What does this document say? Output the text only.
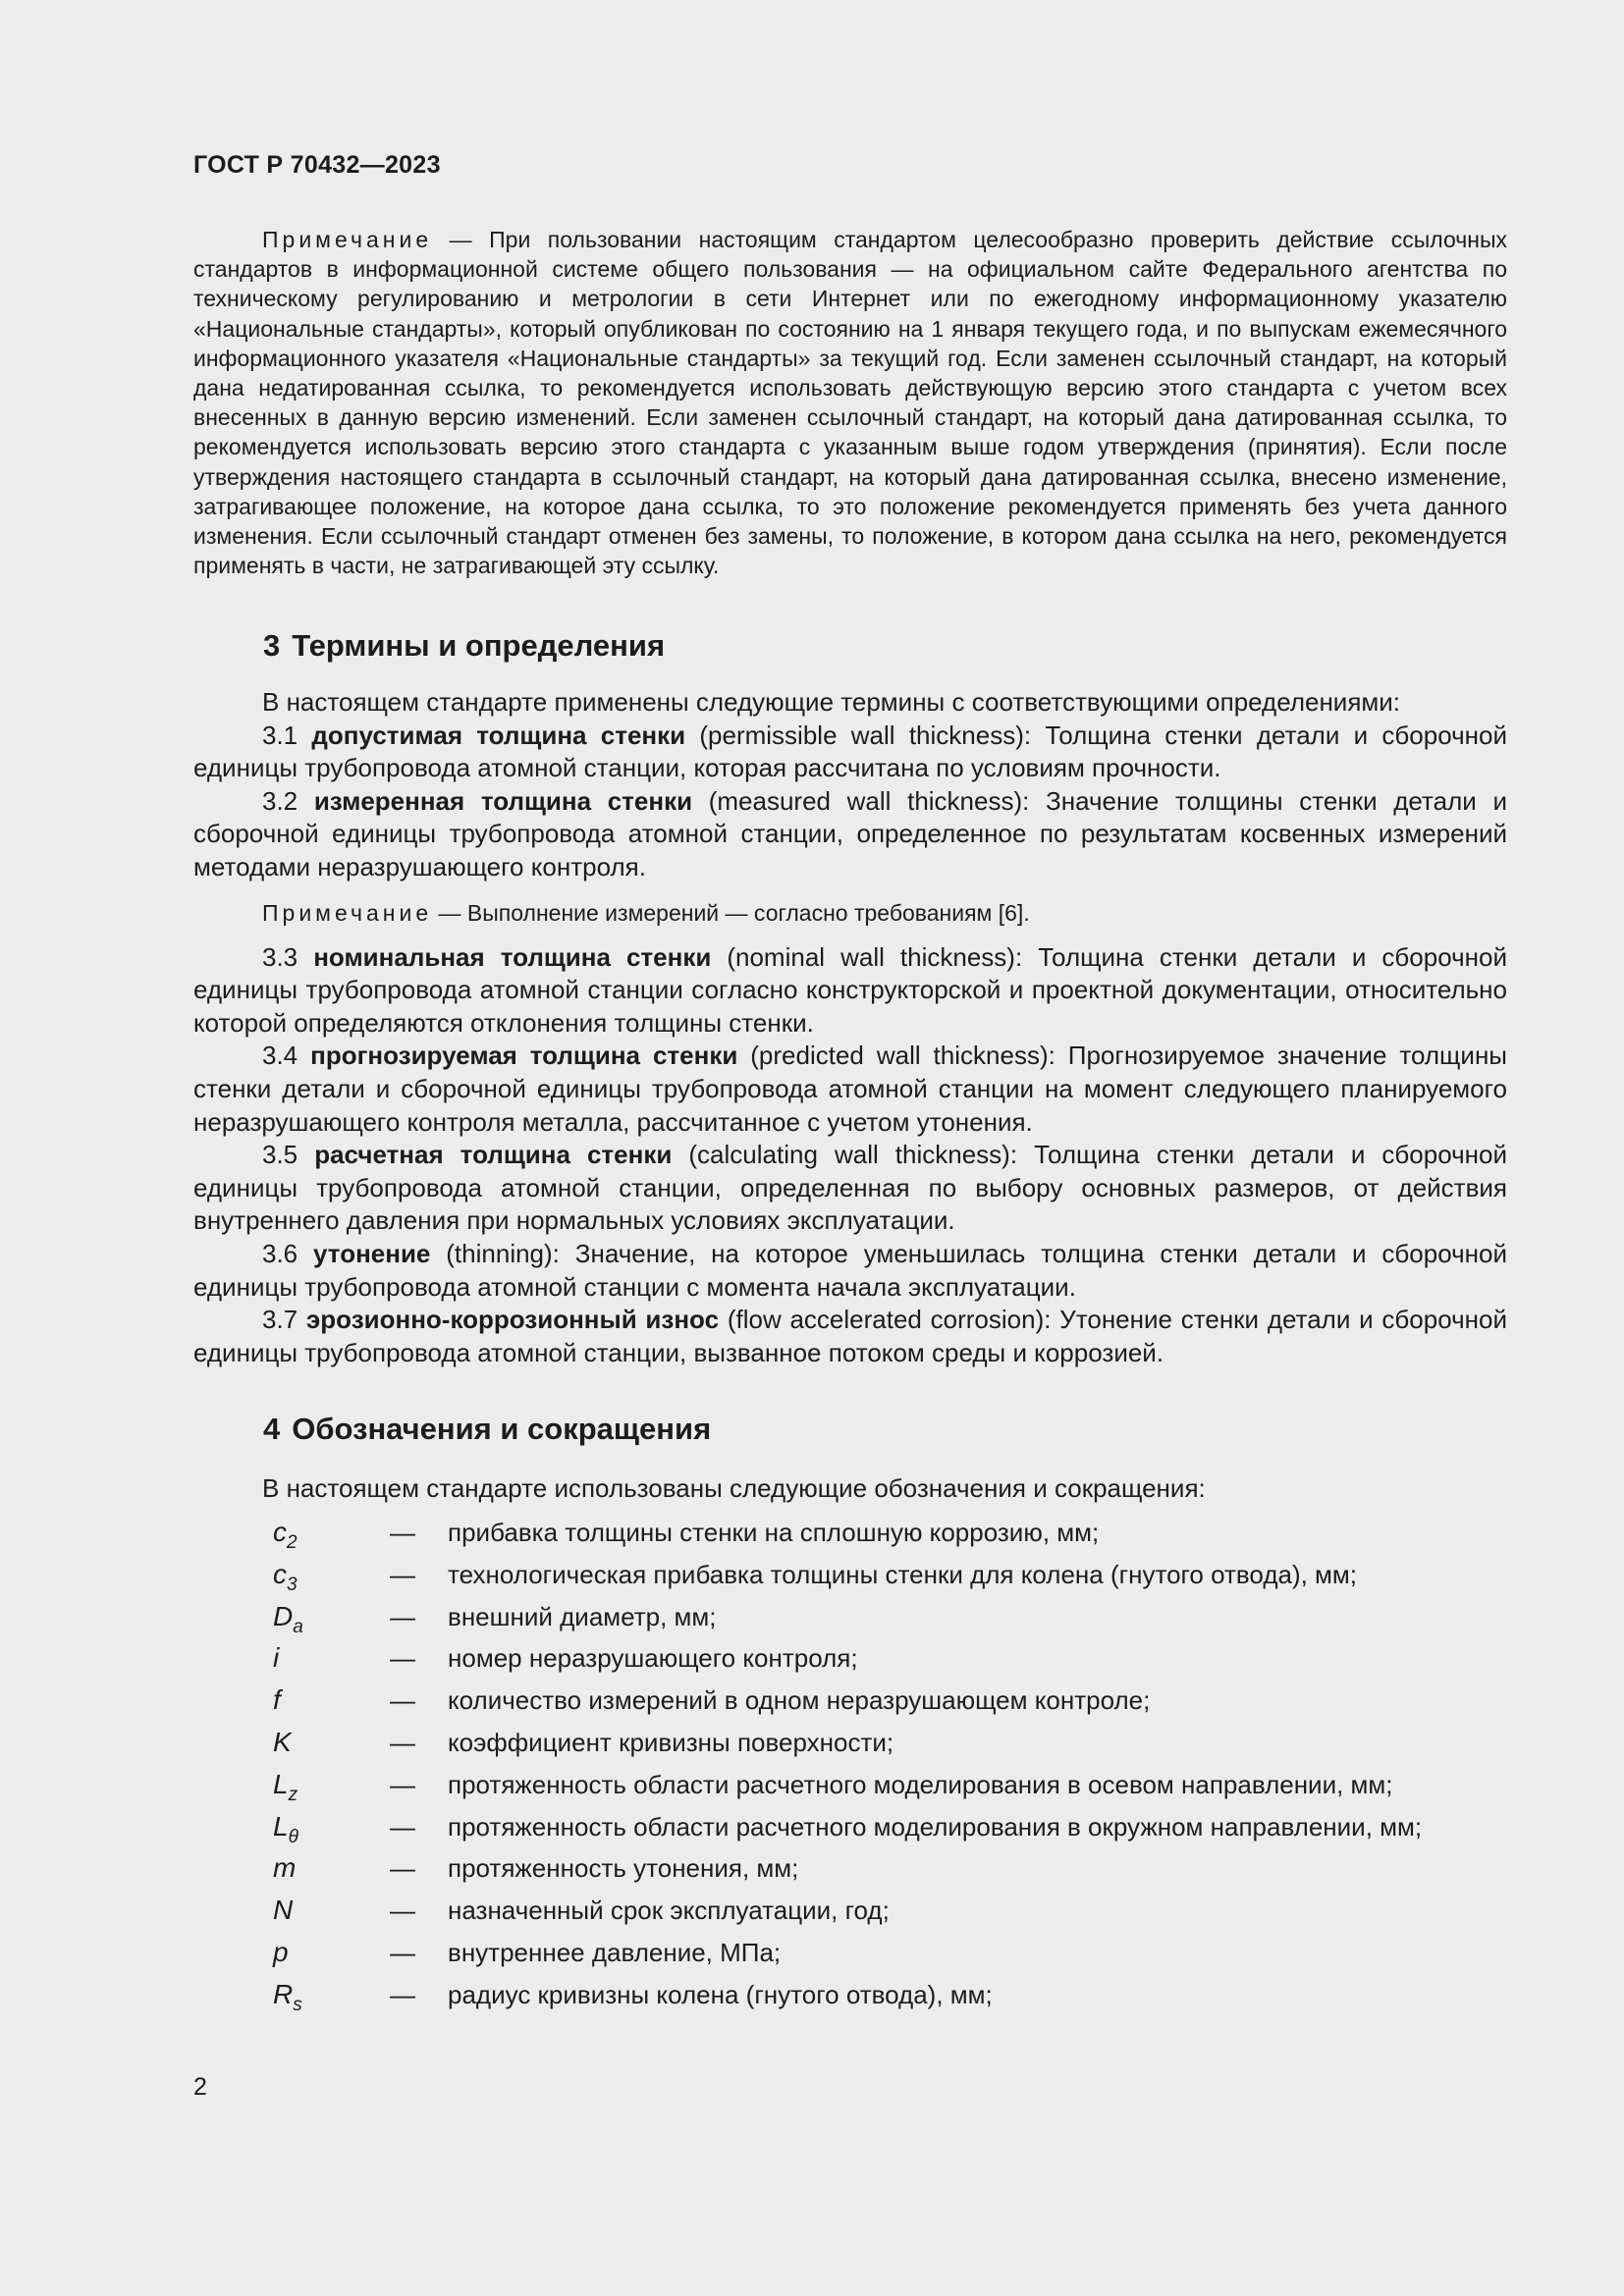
ГОСТ Р 70432—2023
Примечание — При пользовании настоящим стандартом целесообразно проверить действие ссылочных стандартов в информационной системе общего пользования — на официальном сайте Федерального агентства по техническому регулированию и метрологии в сети Интернет или по ежегодному информационному указателю «Национальные стандарты», который опубликован по состоянию на 1 января текущего года, и по выпускам ежемесячного информационного указателя «Национальные стандарты» за текущий год. Если заменен ссылочный стандарт, на который дана недатированная ссылка, то рекомендуется использовать действующую версию этого стандарта с учетом всех внесенных в данную версию изменений. Если заменен ссылочный стандарт, на который дана датированная ссылка, то рекомендуется использовать версию этого стандарта с указанным выше годом утверждения (принятия). Если после утверждения настоящего стандарта в ссылочный стандарт, на который дана датированная ссылка, внесено изменение, затрагивающее положение, на которое дана ссылка, то это положение рекомендуется применять без учета данного изменения. Если ссылочный стандарт отменен без замены, то положение, в котором дана ссылка на него, рекомендуется применять в части, не затрагивающей эту ссылку.
3 Термины и определения

В настоящем стандарте применены следующие термины с соответствующими определениями:

3.1 допустимая толщина стенки (permissible wall thickness): Толщина стенки детали и сборочной единицы трубопровода атомной станции, которая рассчитана по условиям прочности.

3.2 измеренная толщина стенки (measured wall thickness): Значение толщины стенки детали и сборочной единицы трубопровода атомной станции, определенное по результатам косвенных измерений методами неразрушающего контроля.

Примечание — Выполнение измерений — согласно требованиям [6].

3.3 номинальная толщина стенки (nominal wall thickness): Толщина стенки детали и сборочной единицы трубопровода атомной станции согласно конструкторской и проектной документации, относительно которой определяются отклонения толщины стенки.

3.4 прогнозируемая толщина стенки (predicted wall thickness): Прогнозируемое значение толщины стенки детали и сборочной единицы трубопровода атомной станции на момент следующего планируемого неразрушающего контроля металла, рассчитанное с учетом утонения.

3.5 расчетная толщина стенки (calculating wall thickness): Толщина стенки детали и сборочной единицы трубопровода атомной станции, определенная по выбору основных размеров, от действия внутреннего давления при нормальных условиях эксплуатации.

3.6 утонение (thinning): Значение, на которое уменьшилась толщина стенки детали и сборочной единицы трубопровода атомной станции с момента начала эксплуатации.

3.7 эрозионно-коррозионный износ (flow accelerated corrosion): Утонение стенки детали и сборочной единицы трубопровода атомной станции, вызванное потоком среды и коррозией.

4 Обозначения и сокращения

В настоящем стандарте использованы следующие обозначения и сокращения:

$c_2$	— прибавка толщины стенки на сплошную коррозию, мм;
$c_3$	— технологическая прибавка толщины стенки для колена (гнутого отвода), мм;
$D_a$	— внешний диаметр, мм;
i	— номер неразрушающего контроля;
f	— количество измерений в одном неразрушающем контроле;
K	— коэффициент кривизны поверхности;
$L_z$	— протяженность области расчетного моделирования в осевом направлении, мм;
$L_\theta$	— протяженность области расчетного моделирования в окружном направлении, мм;
m	— протяженность утонения, мм;
N	— назначенный срок эксплуатации, год;
p	— внутреннее давление, МПа;
$R_s$	— радиус кривизны колена (гнутого отвода), мм;
2
